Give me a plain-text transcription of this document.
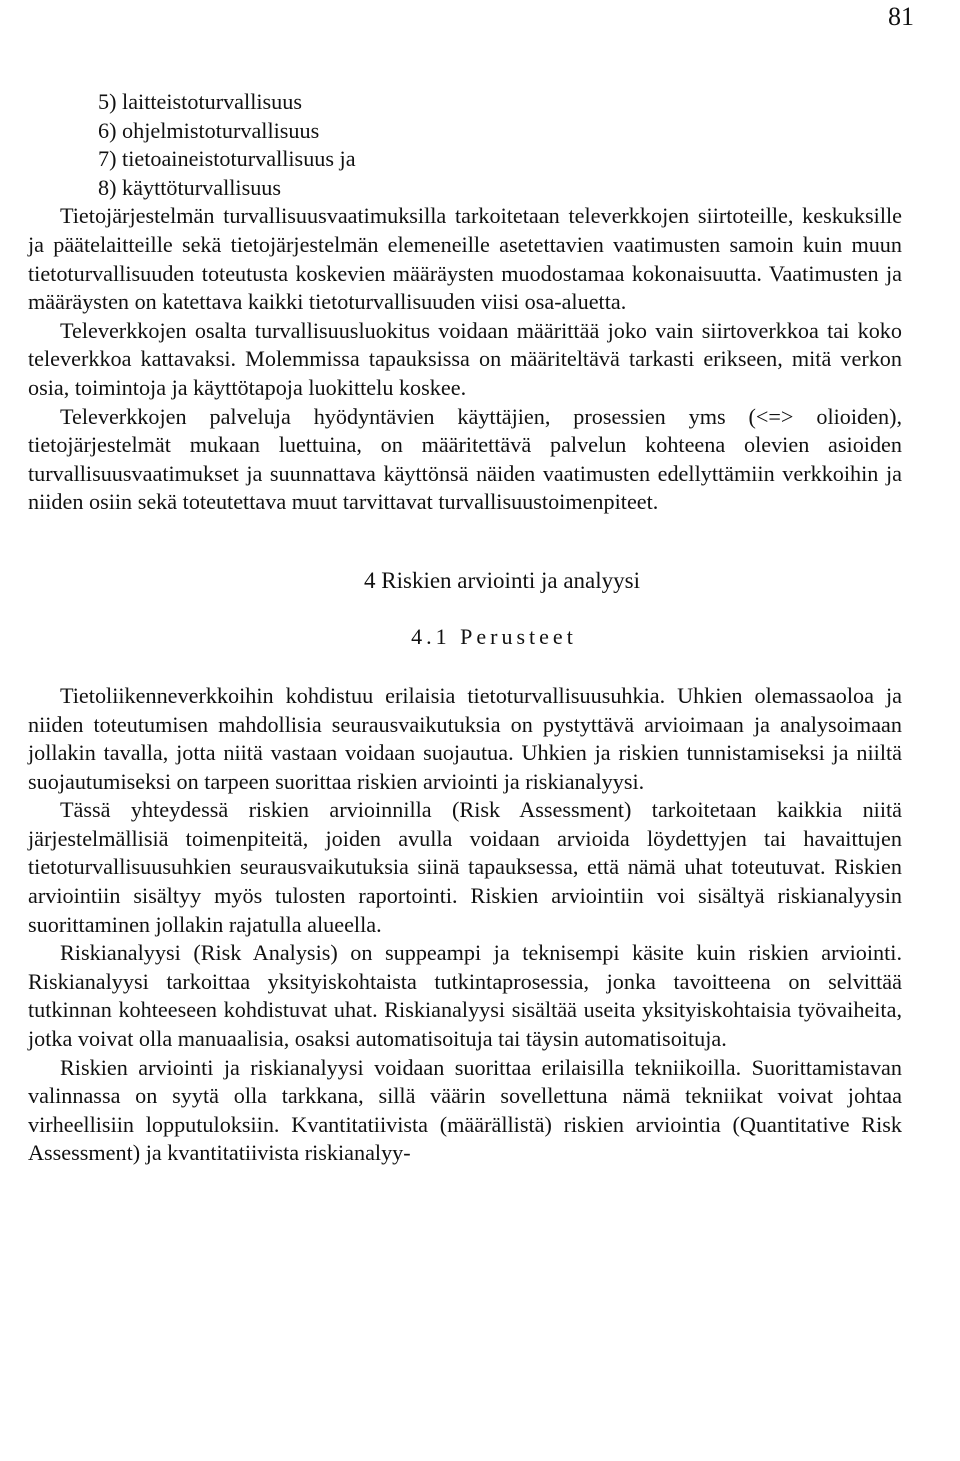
81
5) laitteistoturvallisuus
6) ohjelmistoturvallisuus
7) tietoaineistoturvallisuus ja
8) käyttöturvallisuus

Tietojärjestelmän turvallisuusvaatimuksilla tarkoitetaan televerkkojen siirtoteille, keskuksille ja päätelaitteille sekä tietojärjestelmän elemeneille asetettavien vaatimusten samoin kuin muun tietoturvallisuuden toteutusta koskevien määräysten muodostamaa kokonaisuutta. Vaatimusten ja määräysten on katettava kaikki tietoturvallisuuden viisi osa-aluetta.

Televerkkojen osalta turvallisuusluokitus voidaan määrittää joko vain siirtoverkkoa tai koko televerkkoa kattavaksi. Molemmissa tapauksissa on määriteltävä tarkasti erikseen, mitä verkon osia, toimintoja ja käyttötapoja luokittelu koskee.

Televerkkojen palveluja hyödyntävien käyttäjien, prosessien yms (<=> olioiden), tietojärjestelmät mukaan luettuina, on määritettävä palvelun kohteena olevien asioiden turvallisuusvaatimukset ja suunnattava käyttönsä näiden vaatimusten edellyttämiin verkkoihin ja niiden osiin sekä toteutettava muut tarvittavat turvallisuustoimenpiteet.

4 Riskien arviointi ja analyysi
4.1 Perusteet

Tietoliikenneverkkoihin kohdistuu erilaisia tietoturvallisuusuhkia. Uhkien olemassaoloa ja niiden toteutumisen mahdollisia seurausvaikutuksia on pystyttävä arvioimaan ja analysoimaan jollakin tavalla, jotta niitä vastaan voidaan suojautua. Uhkien ja riskien tunnistamiseksi ja niiltä suojautumiseksi on tarpeen suorittaa riskien arviointi ja riskianalyysi.

Tässä yhteydessä riskien arvioinnilla (Risk Assessment) tarkoitetaan kaikkia niitä järjestelmällisiä toimenpiteitä, joiden avulla voidaan arvioida löydettyjen tai havaittujen tietoturvallisuusuhkien seurausvaikutuksia siinä tapauksessa, että nämä uhat toteutuvat. Riskien arviointiin sisältyy myös tulosten raportointi. Riskien arviointiin voi sisältyä riskianalyysin suorittaminen jollakin rajatulla alueella.

Riskianalyysi (Risk Analysis) on suppeampi ja teknisempi käsite kuin riskien arviointi. Riskianalyysi tarkoittaa yksityiskohtaista tutkintaprosessia, jonka tavoitteena on selvittää tutkinnan kohteeseen kohdistuvat uhat. Riskianalyysi sisältää useita yksityiskohtaisia työvaiheita, jotka voivat olla manuaalisia, osaksi automatisoituja tai täysin automatisoituja.

Riskien arviointi ja riskianalyysi voidaan suorittaa erilaisilla tekniikoilla. Suorittamistavan valinnassa on syytä olla tarkkana, sillä väärin sovellettuna nämä tekniikat voivat johtaa virheellisiin lopputuloksiin. Kvantitatiivista (määrällistä) riskien arviointia (Quantitative Risk Assessment) ja kvantitatiivista riskianalyy-
